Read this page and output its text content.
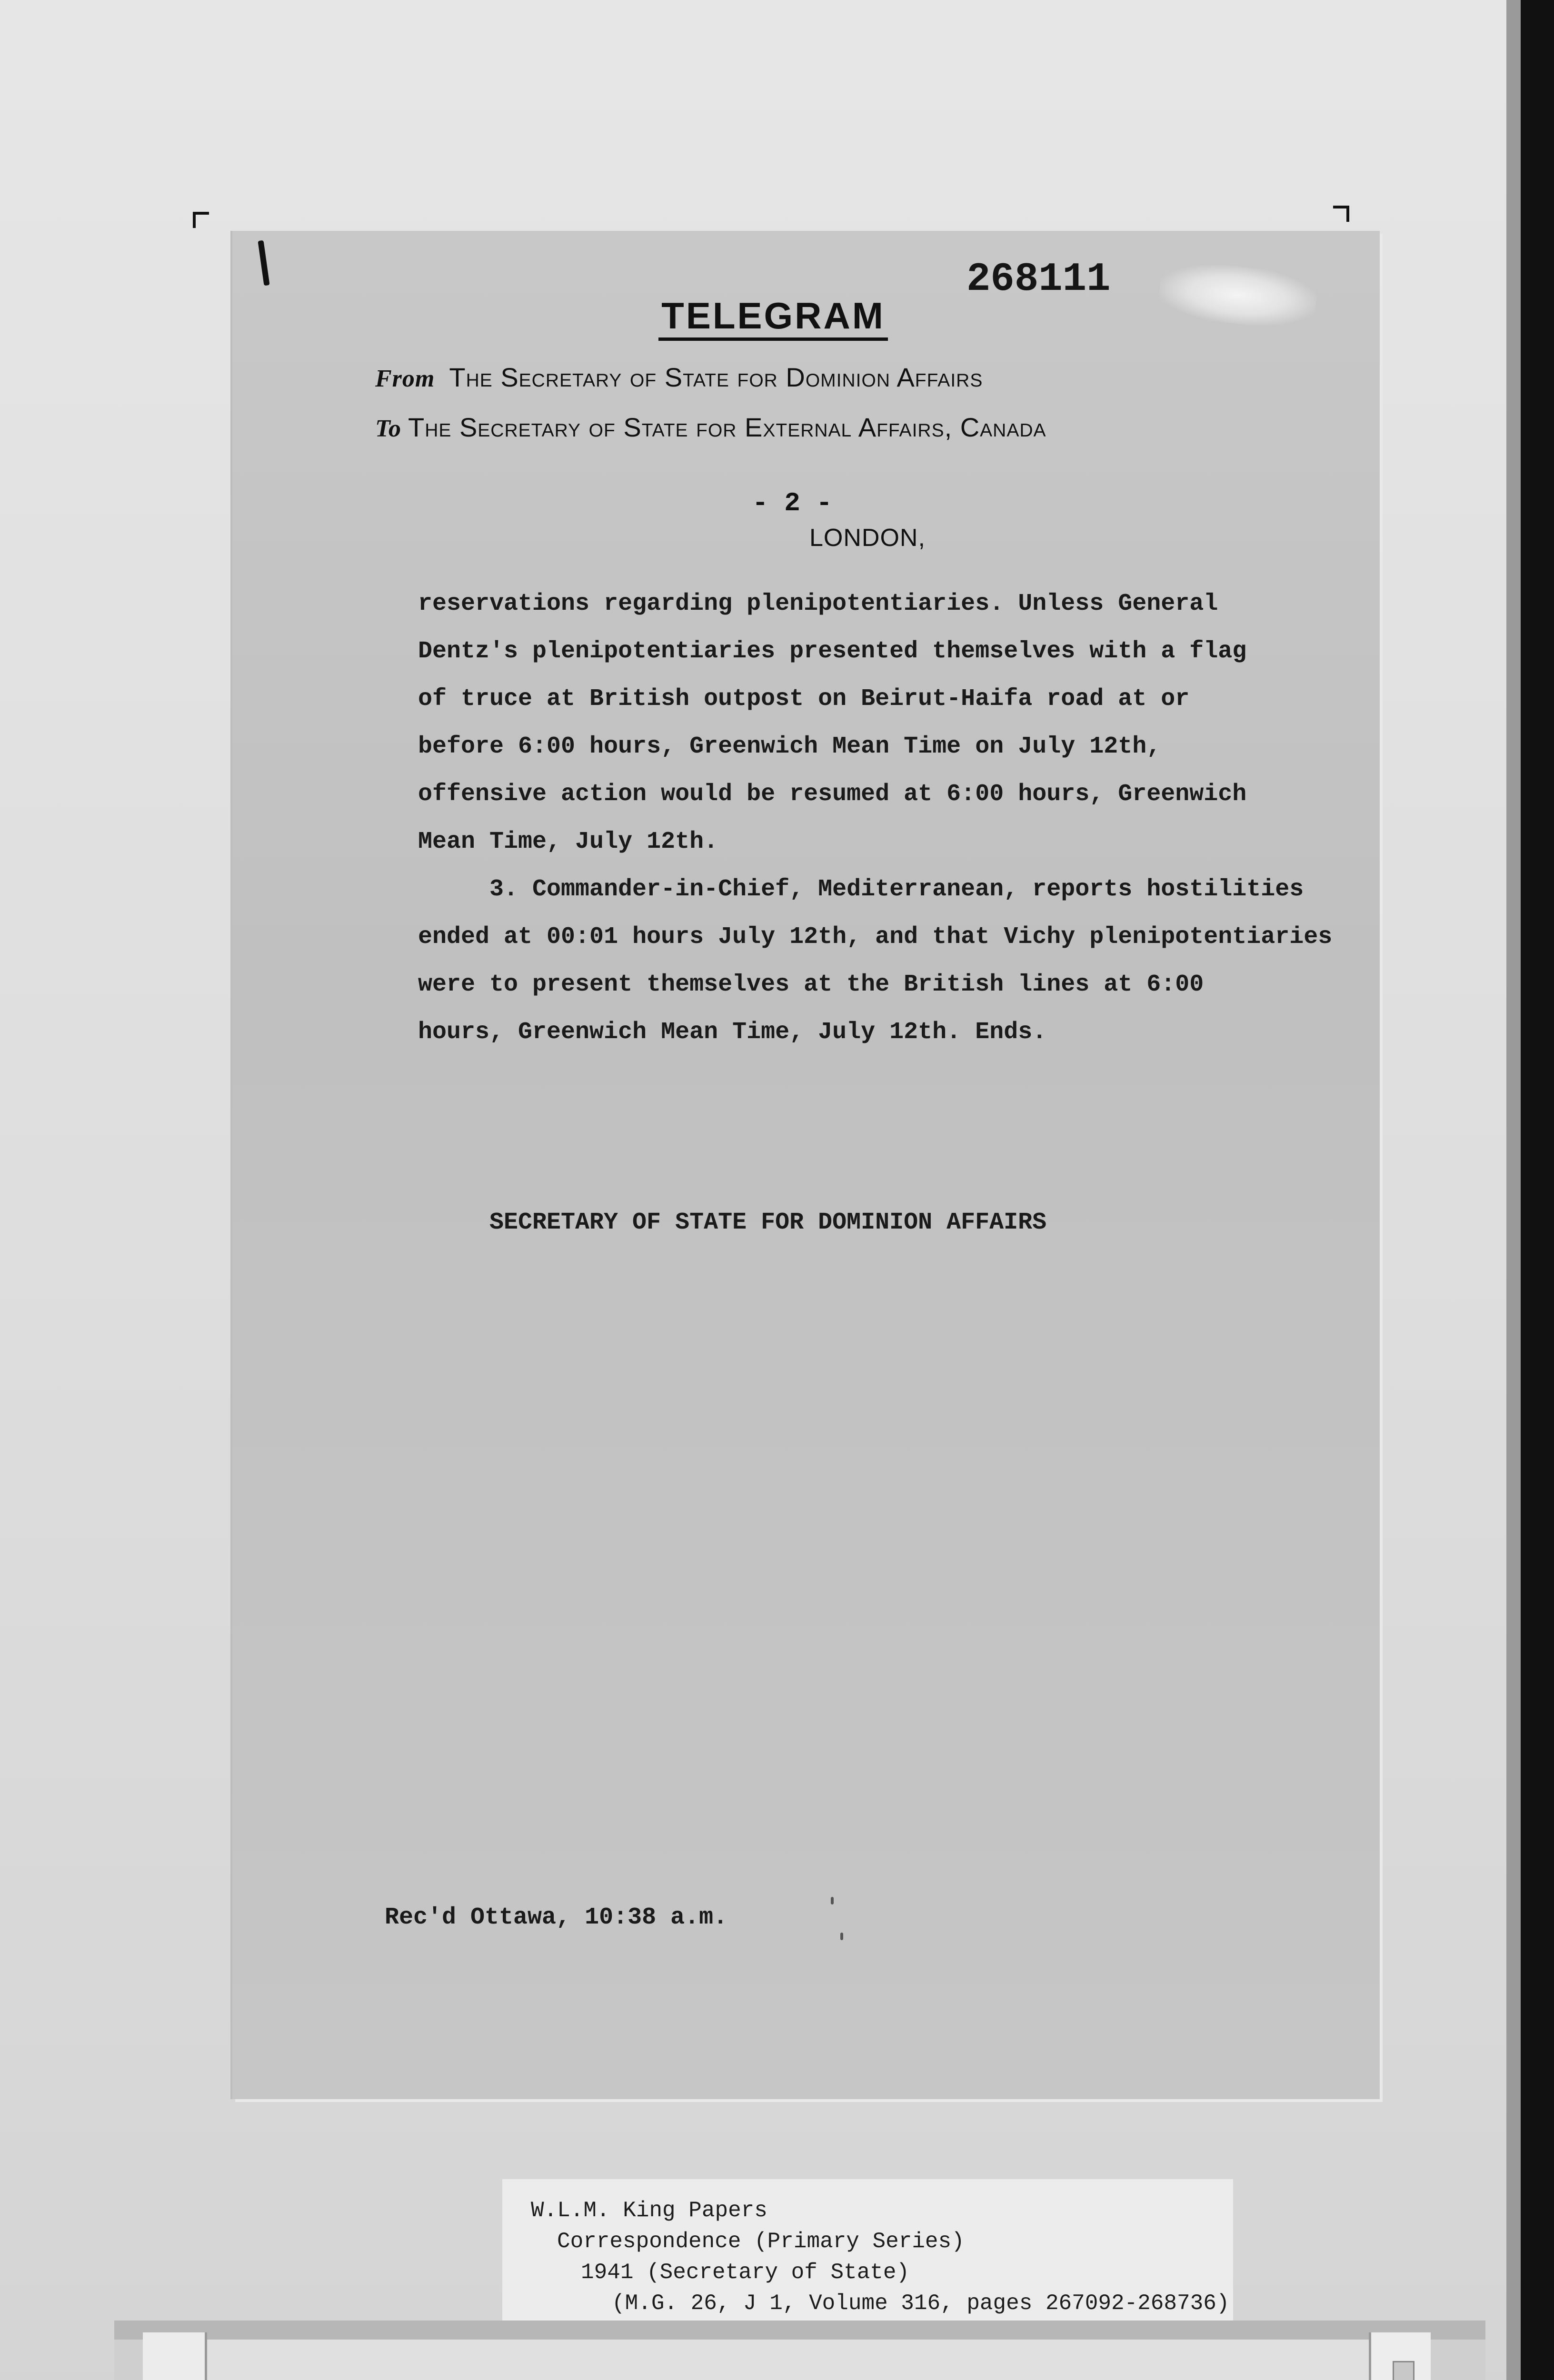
268111
TELEGRAM
From The Secretary of State for Dominion Affairs
To The Secretary of State for External Affairs, Canada
- 2 -
LONDON,
reservations regarding plenipotentiaries. Unless General
Dentz's plenipotentiaries presented themselves with a flag
of truce at British outpost on Beirut-Haifa road at or
before 6:00 hours, Greenwich Mean Time on July 12th,
offensive action would be resumed at 6:00 hours, Greenwich
Mean Time, July 12th.
3. Commander-in-Chief, Mediterranean, reports hostilities
ended at 00:01 hours July 12th, and that Vichy plenipotentiaries
were to present themselves at the British lines at 6:00
hours, Greenwich Mean Time, July 12th. Ends.
SECRETARY OF STATE FOR DOMINION AFFAIRS
Rec'd Ottawa, 10:38 a.m.
W.L.M. King Papers
Correspondence (Primary Series)
1941 (Secretary of State)
(M.G. 26, J 1, Volume 316, pages 267092-268736)
